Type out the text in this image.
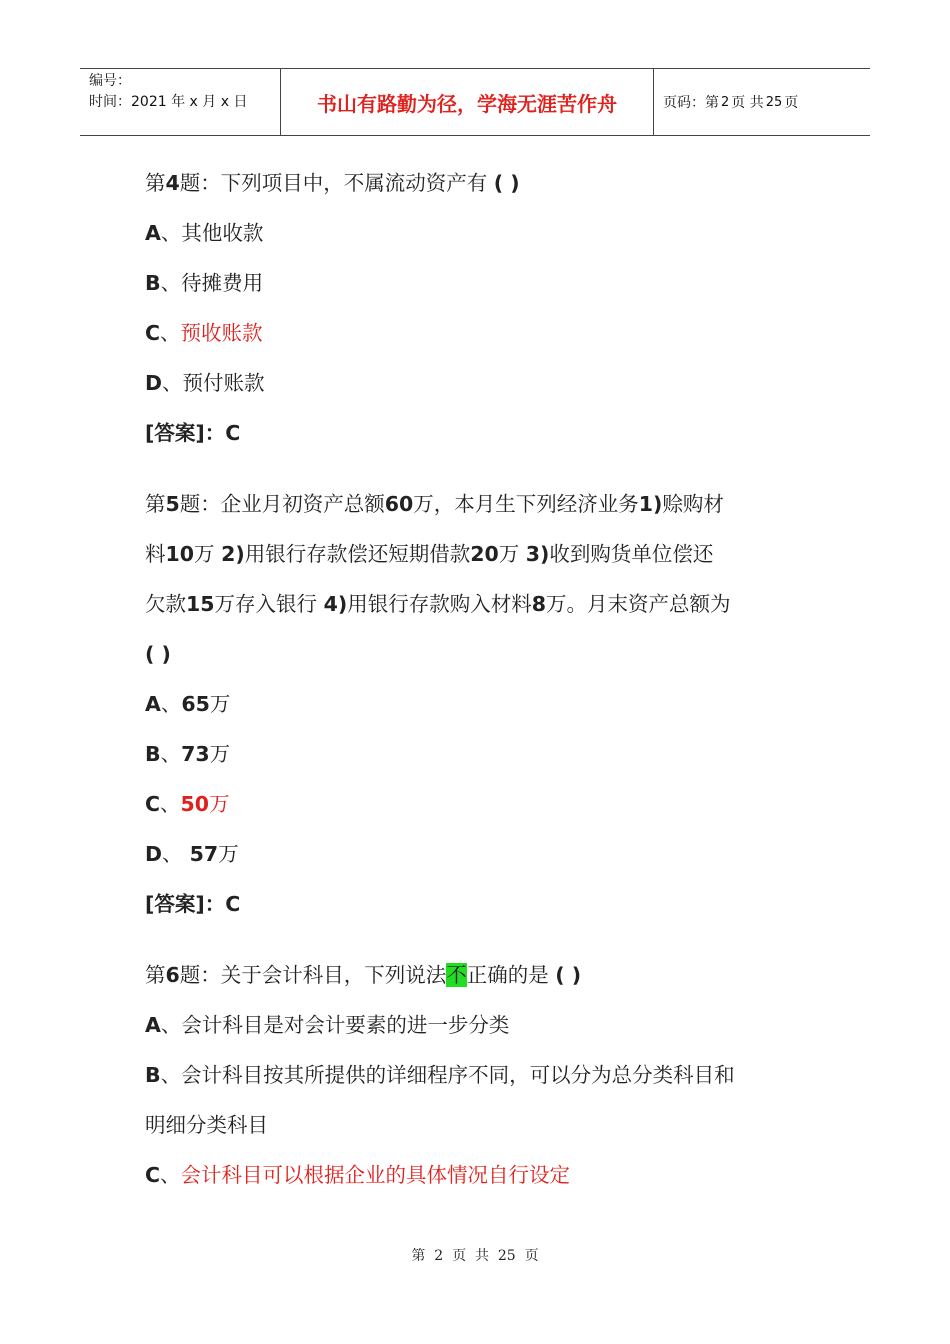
编号：
时间：2021 年 x 月 x 日	书山有路勤为径，学海无涯苦作舟	页码：第 2 页 共 25 页
第4题：下列项目中，不属流动资产有 ( )
A、其他收款
B、待摊费用
C、预收账款
D、预付账款
[答案]：C
第5题：企业月初资产总额60万，本月生下列经济业务1)赊购材
料10万 2)用银行存款偿还短期借款20万 3)收到购货单位偿还
欠款15万存入银行 4)用银行存款购入材料8万。月末资产总额为
( )
A、65万
B、73万
C、50万
D、 57万
[答案]：C
第6题：关于会计科目，下列说法不正确的是 ( )
A、会计科目是对会计要素的进一步分类
B、会计科目按其所提供的详细程序不同，可以分为总分类科目和
明细分类科目
C、会计科目可以根据企业的具体情况自行设定
第  2  页  共  25  页
